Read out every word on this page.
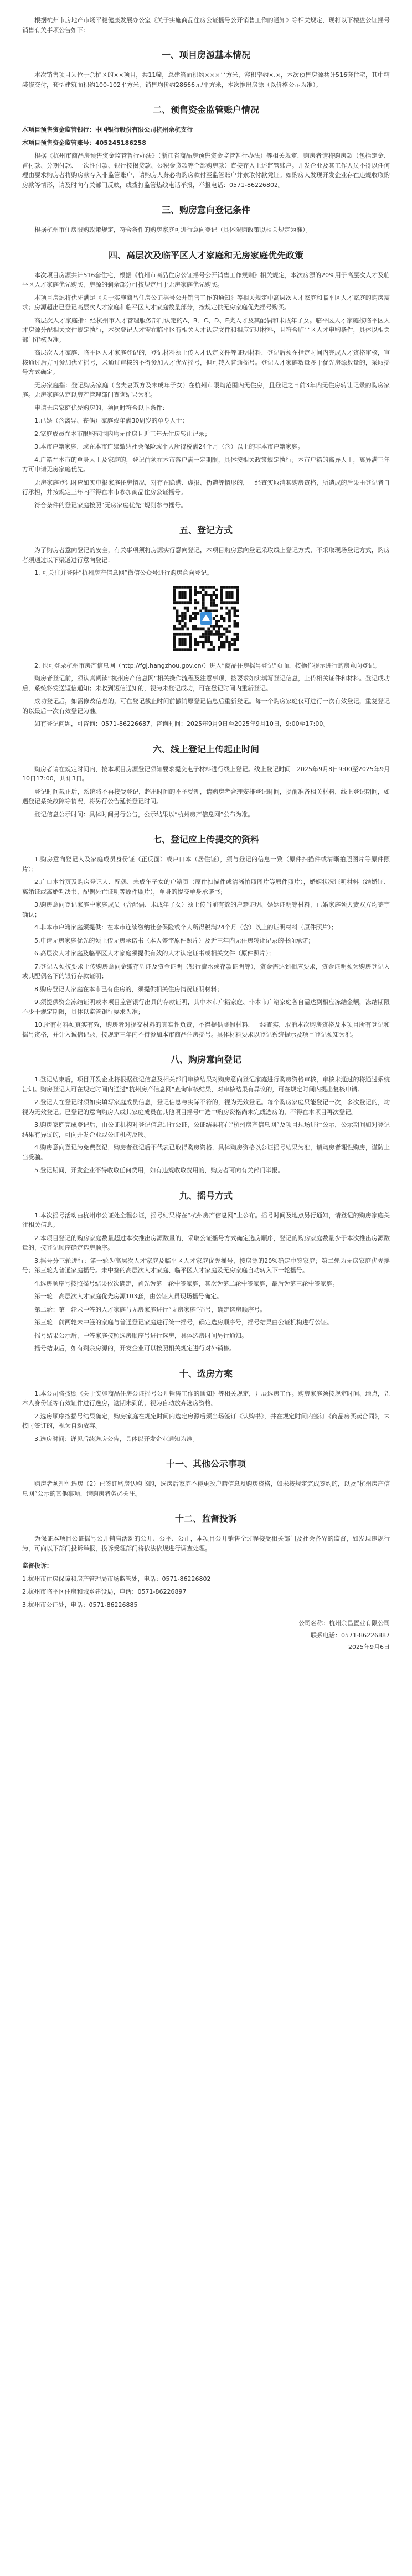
根据杭州市房地产市场平稳健康发展办公室《关于实施商品住房公证摇号公开销售工作的通知》等相关规定，现将以下楼盘公证摇号销售有关事项公告如下：

一、项目房源基本情况

本次销售项目为位于余杭区的××项目，共11幢，总建筑面积约×××平方米，容积率约×.×，本次预售房源共计516套住宅，其中精装修交付，套型建筑面积约100-102平方米，销售均价约28666元/平方米，本次推出房源（以价格公示为准）。

二、预售资金监管账户情况

本项目预售资金监管银行：中国银行股份有限公司杭州余杭支行

本项目预售资金监管账号：405245186258

根据《杭州市商品房预售资金监管暂行办法》（浙江省商品房预售资金监管暂行办法）等相关规定，购房者请将购房款（包括定金、首付款、分期付款、一次性付款、银行按揭贷款、公积金贷款等全部购房款）直接存入上述监管账户。开发企业及其工作人员不得以任何理由要求购房者将购房款存入非监管账户，请购房人务必将购房款付至监管账户并索取付款凭证。如购房人发现开发企业存在违规收取购房款等情形，请及时向有关部门反映，或拨打监管热线电话举报，举报电话：0571-86226802。

三、购房意向登记条件

根据杭州市住房限购政策规定，符合条件的购房家庭可进行意向登记（具体限购政策以相关规定为准）。

四、高层次及临平区人才家庭和无房家庭优先政策

本次项目房源共计516套住宅，根据《杭州市商品住房公证摇号公开销售工作规则》相关规定，本次房源的20%用于高层次人才及临平区人才家庭优先购买，房源的剩余部分可按规定用于无房家庭优先购买。

本项目房源将优先满足《关于实施商品住房公证摇号公开销售工作的通知》等相关规定中高层次人才家庭和临平区人才家庭的购房需求；房源超出已登记高层次人才家庭和临平区人才家庭数量部分，按规定供无房家庭优先摇号购买。

高层次人才家庭指：经杭州市人才管理服务部门认定的A、B、C、D、E类人才及其配偶和未成年子女。临平区人才家庭按临平区人才房源分配相关文件规定执行，本次登记人才需在临平区有相关人才认定文件和相应证明材料，且符合临平区人才申购条件，具体以相关部门审核为准。

高层次人才家庭、临平区人才家庭登记的，登记材料须上传人才认定文件等证明材料，登记后须在指定时间内完成人才资格审核，审核通过后方可参加优先摇号，未通过审核的不得参加人才优先摇号，但可转入普通摇号。登记人才家庭数量多于优先房源数量的，采取摇号方式确定。

无房家庭指：登记购房家庭（含夫妻双方及未成年子女）在杭州市限购范围内无住房，且登记之日前3年内无住房转让记录的购房家庭。无房家庭认定以房产管理部门查询结果为准。

申请无房家庭优先购房的，须同时符合以下条件：

1.已婚（含离异、丧偶）家庭或年满30周岁的单身人士；

2.家庭成员在本市限购范围内均无住房且近三年无住房转让记录；

3.本市户籍家庭，或在本市连续缴纳社会保险或个人所得税满24个月（含）以上的非本市户籍家庭。

4.户籍在本市的单身人士及家庭的，登记前须在本市落户满一定期限，具体按相关政策规定执行；本市户籍的离异人士，离异满三年方可申请无房家庭优先。

无房家庭登记时应如实申报家庭住房情况，对存在隐瞒、虚报、伪造等情形的，一经查实取消其购房资格，所造成的后果由登记者自行承担，并按规定三年内不得在本市参加商品住房公证摇号。

符合条件的登记家庭按照“无房家庭优先”规则参与摇号。

五、登记方式

为了购房者意向登记的安全，有关事项须将房源实行意向登记，本项目购房意向登记采取线上登记方式，不采取现场登记方式，购房者须通过以下渠道进行意向登记：

1. 可关注并登陆“杭州房产信息网”微信公众号进行购房意向登记。

2. 也可登录杭州市房产信息网（http://fgj.hangzhou.gov.cn/）进入“商品住房摇号登记”页面，按操作提示进行购房意向登记。

购房者登记前，须认真阅读“杭州房产信息网”相关操作流程及注意事项，按要求如实填写登记信息，上传相关证件和材料。登记成功后，系统将发送短信通知；未收到短信通知的，视为未登记成功，可在登记时间内重新登记。

成功登记后，如需修改信息的，可在登记截止时间前撤销原登记信息后重新登记。每一个购房家庭仅可进行一次有效登记，重复登记的以最后一次有效登记为准。

如有登记问题，可咨询：0571-86226687，咨询时间：2025年9月9日至2025年9月10日，9:00至17:00。

六、线上登记上传起止时间

购房者请在规定时间内，按本项目房源登记须知要求提交电子材料进行线上登记。线上登记时间：2025年9月8日9:00至2025年9月10日17:00，共计3日。

登记时间截止后，系统将不再接受登记，超出时间的不予受理，请购房者合理安排登记时间，提前准备相关材料，线上登记期间，如遇登记系统故障等情况，将另行公告延长登记时间。

登记信息公示时间：具体时间另行公告，公示结果以“杭州房产信息网”公布为准。

七、登记应上传提交的资料

1.购房意向登记人及家庭成员身份证（正反面）或户口本（居住证），须与登记的信息一致（原件扫描件或清晰拍照图片等原件照片）；

2.户口本首页及购房登记人、配偶、未成年子女的户籍页（原件扫描件或清晰拍照图片等原件照片），婚姻状况证明材料（结婚证、离婚证或离婚判决书、配偶死亡证明等原件照片），单身的提交单身承诺书；

3.购房意向登记家庭中家庭成员（含配偶、未成年子女）须上传当前有效的户籍证明、婚姻证明等材料，已婚家庭须夫妻双方均签字确认；

4.非本市户籍家庭须提供：在本市连续缴纳社会保险或个人所得税满24个月（含）以上的证明材料（原件照片）；

5.申请无房家庭优先的须上传无房承诺书（本人签字原件照片）及近三年内无住房转让记录的书面承诺；

6.高层次人才家庭及临平区人才家庭须提供有效的人才认定证书或相关文件（原件照片）；

7.登记人须按要求上传购房意向金缴存凭证及资金证明（银行流水或存款证明等），资金需达到相应要求，资金证明须为购房登记人或其配偶名下的银行存款证明；

8.购房登记人家庭在本市已有住房的，须提供相关住房情况证明材料；

9.须提供资金冻结证明或本项目监管银行出具的存款证明，其中本市户籍家庭、非本市户籍家庭各自需达到相应冻结金额，冻结期限不少于规定期限，具体以监管银行要求为准；

10.所有材料须真实有效，购房者对提交材料的真实性负责，不得提供虚假材料，一经查实，取消本次购房资格及本项目所有登记和摇号资格，并计入诚信记录，按规定三年内不得参加本市商品住房摇号。具体材料要求以登记系统提示及项目登记须知为准。

八、购房意向登记

1.登记结束后，项目开发企业将根据登记信息及相关部门审核结果对购房意向登记家庭进行购房资格审核，审核未通过的将通过系统告知。购房登记人可在规定时间内通过“杭州房产信息网”查询审核结果，对审核结果有异议的，可在规定时间内提出复核申请。

2.登记人在登记时须如实填写家庭成员信息，登记信息与实际不符的，视为无效登记。每个购房家庭只能登记一次，多次登记的，均视为无效登记。已登记的意向购房人或其家庭成员在其他项目摇号中选中购房资格尚未完成选房的，不得在本项目再次登记。

3.购房家庭完成登记后，由公证机构对登记信息进行公证，公证结果将在“杭州房产信息网”及项目现场进行公示，公示期间如对登记结果有异议的，可向开发企业或公证机构反映。

4.购房意向登记为免费登记，购房者登记后不代表已取得购房资格，具体购房资格以公证摇号结果为准，请购房者理性购房，谨防上当受骗。

5.登记期间，开发企业不得收取任何费用，如有违规收取费用的，购房者可向有关部门举报。

九、摇号方式

1.本次摇号活动由杭州市公证处全程公证，摇号结果将在“杭州房产信息网”上公布。摇号时间及地点另行通知，请登记的购房家庭关注相关信息。

2.本项目登记的购房家庭数量超过本次推出房源数量的，采取公证摇号方式确定选房顺序，登记的购房家庭数量少于本次推出房源数量的，按登记顺序确定选房顺序。

3.摇号分三轮进行：第一轮为高层次人才家庭及临平区人才家庭优先摇号，按房源的20%确定中签家庭；第二轮为无房家庭优先摇号；第三轮为普通家庭摇号。未中签的高层次人才家庭、临平区人才家庭及无房家庭自动转入下一轮摇号。

4.选房顺序号按照摇号结果依次确定，首先为第一轮中签家庭，其次为第二轮中签家庭，最后为第三轮中签家庭。

第一轮：高层次人才家庭优先房源103套，由公证人员现场摇号确定。

第二轮：第一轮未中签的人才家庭与无房家庭进行“无房家庭”摇号，确定选房顺序号。

第三轮：前两轮未中签的家庭与普通登记家庭进行统一摇号，确定选房顺序号，摇号结果由公证机构进行公证。

摇号结果公示后，中签家庭按照选房顺序号进行选房，具体选房时间另行通知。

摇号结束后，如有剩余房源的，开发企业可以按照相关规定进行对外销售。

十、选房方案

1.本公司将按照《关于实施商品住房公证摇号公开销售工作的通知》等相关规定，开展选房工作。购房家庭须按规定时间、地点，凭本人身份证等有效证件进行选房，逾期未到的，视为自动放弃选房资格。

2.选房顺序按摇号结果确定，购房家庭在规定时间内选定房源后须当场签订《认购书》，并在规定时间内签订《商品房买卖合同》，未按时签订的，视为自动放弃。

3.选房时间：详见后续选房公告，具体以开发企业通知为准。

十一、其他公示事项

购房者须理性选房（2）已签订购房认购书的，选房后家庭不得更改户籍信息及购房资格，如未按规定完成签约的，以及“杭州房产信息网”公示的其他事项，请购房者务必关注。

十二、监督投诉

为保证本项目公证摇号公开销售活动的公开、公平、公正，本项目公开销售全过程接受相关部门及社会各界的监督，如发现违规行为，可向以下部门投诉举报，投诉受理部门将依法依规进行调查处理。

监督投诉：

1.杭州市住房保障和房产管理局市场监管处，电话：0571-86226802

2.杭州市临平区住房和城乡建设局，电话：0571-86226897

3.杭州市公证处，电话：0571-86226885

公司名称：杭州余昌置业有限公司

联系电话：0571-86226887

2025年9月6日
